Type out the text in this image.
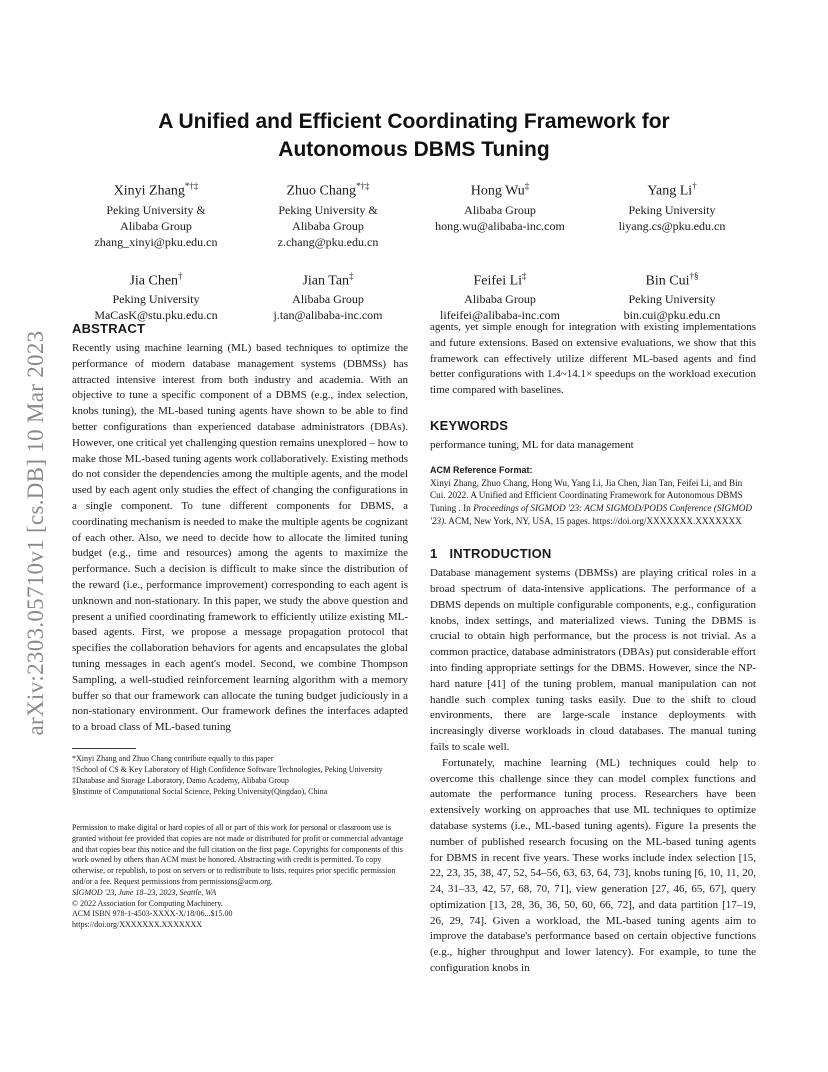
arXiv:2303.05710v1 [cs.DB] 10 Mar 2023
A Unified and Efficient Coordinating Framework for
Autonomous DBMS Tuning
Xinyi Zhang*†‡
Peking University &
Alibaba Group
zhang_xinyi@pku.edu.cn
Zhuo Chang*†‡
Peking University &
Alibaba Group
z.chang@pku.edu.cn
Hong Wu‡
Alibaba Group
hong.wu@alibaba-inc.com
Yang Li†
Peking University
liyang.cs@pku.edu.cn
Jia Chen†
Peking University
MaCasK@stu.pku.edu.cn
Jian Tan‡
Alibaba Group
j.tan@alibaba-inc.com
Feifei Li‡
Alibaba Group
lifeifei@alibaba-inc.com
Bin Cui†§
Peking University
bin.cui@pku.edu.cn
ABSTRACT

Recently using machine learning (ML) based techniques to optimize the performance of modern database management systems (DBMSs) has attracted intensive interest from both industry and academia. With an objective to tune a specific component of a DBMS (e.g., index selection, knobs tuning), the ML-based tuning agents have shown to be able to find better configurations than experienced database administrators (DBAs). However, one critical yet challenging question remains unexplored – how to make those ML-based tuning agents work collaboratively. Existing methods do not consider the dependencies among the multiple agents, and the model used by each agent only studies the effect of changing the configurations in a single component. To tune different components for DBMS, a coordinating mechanism is needed to make the multiple agents be cognizant of each other. Also, we need to decide how to allocate the limited tuning budget (e.g., time and resources) among the agents to maximize the performance. Such a decision is difficult to make since the distribution of the reward (i.e., performance improvement) corresponding to each agent is unknown and non-stationary. In this paper, we study the above question and present a unified coordinating framework to efficiently utilize existing ML-based agents. First, we propose a message propagation protocol that specifies the collaboration behaviors for agents and encapsulates the global tuning messages in each agent's model. Second, we combine Thompson Sampling, a well-studied reinforcement learning algorithm with a memory buffer so that our framework can allocate the tuning budget judiciously in a non-stationary environment. Our framework defines the interfaces adapted to a broad class of ML-based tuning

*Xinyi Zhang and Zhuo Chang contribute equally to this paper
†School of CS & Key Laboratory of High Confidence Software Technologies, Peking University
‡Database and Storage Laboratory, Damo Academy, Alibaba Group
§Institute of Computational Social Science, Peking University(Qingdao), China

Permission to make digital or hard copies of all or part of this work for personal or classroom use is granted without fee provided that copies are not made or distributed for profit or commercial advantage and that copies bear this notice and the full citation on the first page. Copyrights for components of this work owned by others than ACM must be honored. Abstracting with credit is permitted. To copy otherwise, or republish, to post on servers or to redistribute to lists, requires prior specific permission and/or a fee. Request permissions from permissions@acm.org.

SIGMOD '23, June 18–23, 2023, Seattle, WA
© 2022 Association for Computing Machinery.
ACM ISBN 978-1-4503-XXXX-X/18/06...$15.00
https://doi.org/XXXXXXX.XXXXXXX

agents, yet simple enough for integration with existing implementations and future extensions. Based on extensive evaluations, we show that this framework can effectively utilize different ML-based agents and find better configurations with 1.4~14.1× speedups on the workload execution time compared with baselines.

KEYWORDS

performance tuning, ML for data management

ACM Reference Format:

Xinyi Zhang, Zhuo Chang, Hong Wu, Yang Li, Jia Chen, Jian Tan, Feifei Li, and Bin Cui. 2022. A Unified and Efficient Coordinating Framework for Autonomous DBMS Tuning . In Proceedings of SIGMOD '23: ACM SIGMOD/PODS Conference (SIGMOD '23). ACM, New York, NY, USA, 15 pages. https://doi.org/XXXXXXX.XXXXXXX

1 INTRODUCTION

Database management systems (DBMSs) are playing critical roles in a broad spectrum of data-intensive applications. The performance of a DBMS depends on multiple configurable components, e.g., configuration knobs, index settings, and materialized views. Tuning the DBMS is crucial to obtain high performance, but the process is not trivial. As a common practice, database administrators (DBAs) put considerable effort into finding appropriate settings for the DBMS. However, since the NP-hard nature [41] of the tuning problem, manual manipulation can not handle such complex tuning tasks easily. Due to the shift to cloud environments, there are large-scale instance deployments with increasingly diverse workloads in cloud databases. The manual tuning fails to scale well.

Fortunately, machine learning (ML) techniques could help to overcome this challenge since they can model complex functions and automate the performance tuning process. Researchers have been extensively working on approaches that use ML techniques to optimize database systems (i.e., ML-based tuning agents). Figure 1a presents the number of published research focusing on the ML-based tuning agents for DBMS in recent five years. These works include index selection [15, 22, 23, 35, 38, 47, 52, 54–56, 63, 63, 64, 73], knobs tuning [6, 10, 11, 20, 24, 31–33, 42, 57, 68, 70, 71], view generation [27, 46, 65, 67], query optimization [13, 28, 36, 36, 50, 60, 66, 72], and data partition [17–19, 26, 29, 74]. Given a workload, the ML-based tuning agents aim to improve the database's performance based on certain objective functions (e.g., higher throughput and lower latency). For example, to tune the configuration knobs in
